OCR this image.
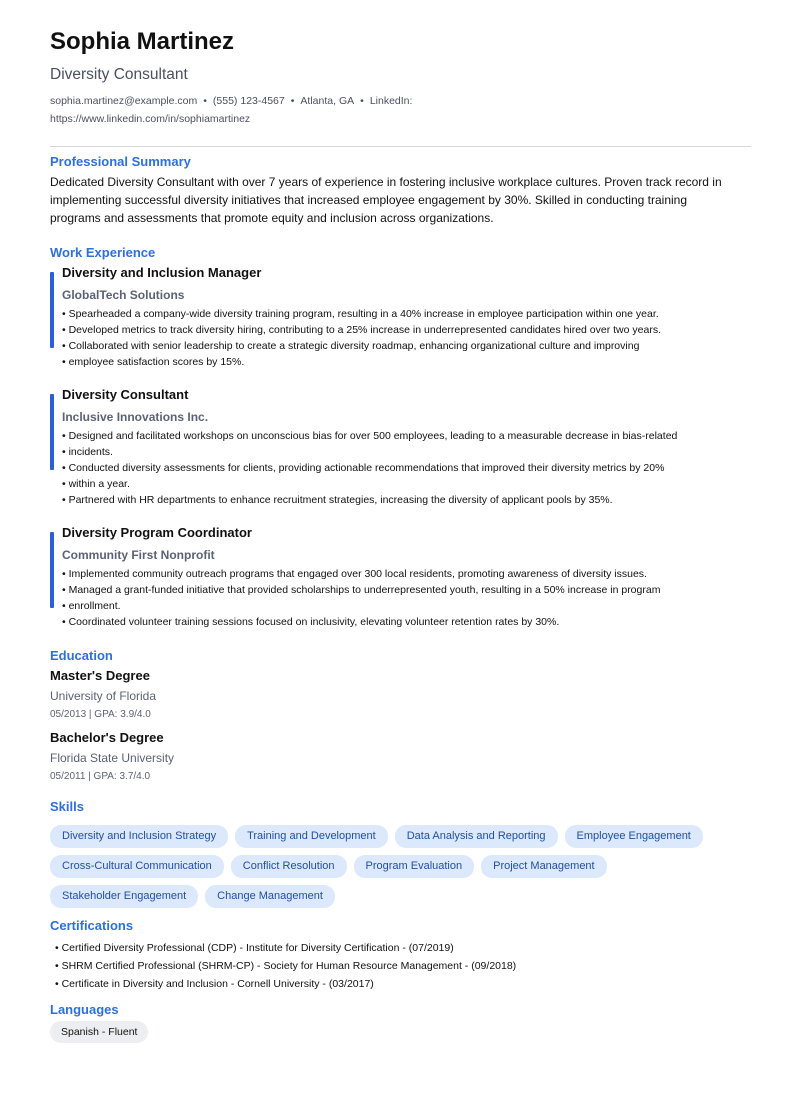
Sophia Martinez
Diversity Consultant
sophia.martinez@example.com • (555) 123-4567 • Atlanta, GA • LinkedIn:
https://www.linkedin.com/in/sophiamartinez
Professional Summary
Dedicated Diversity Consultant with over 7 years of experience in fostering inclusive workplace cultures. Proven track record in implementing successful diversity initiatives that increased employee engagement by 30%. Skilled in conducting training programs and assessments that promote equity and inclusion across organizations.
Work Experience
Diversity and Inclusion Manager
GlobalTech Solutions
• Spearheaded a company-wide diversity training program, resulting in a 40% increase in employee participation within one year.
• Developed metrics to track diversity hiring, contributing to a 25% increase in underrepresented candidates hired over two years.
• Collaborated with senior leadership to create a strategic diversity roadmap, enhancing organizational culture and improving
• employee satisfaction scores by 15%.
Diversity Consultant
Inclusive Innovations Inc.
• Designed and facilitated workshops on unconscious bias for over 500 employees, leading to a measurable decrease in bias-related
• incidents.
• Conducted diversity assessments for clients, providing actionable recommendations that improved their diversity metrics by 20%
• within a year.
• Partnered with HR departments to enhance recruitment strategies, increasing the diversity of applicant pools by 35%.
Diversity Program Coordinator
Community First Nonprofit
• Implemented community outreach programs that engaged over 300 local residents, promoting awareness of diversity issues.
• Managed a grant-funded initiative that provided scholarships to underrepresented youth, resulting in a 50% increase in program
• enrollment.
• Coordinated volunteer training sessions focused on inclusivity, elevating volunteer retention rates by 30%.
Education
Master's Degree
University of Florida
05/2013 | GPA: 3.9/4.0
Bachelor's Degree
Florida State University
05/2011 | GPA: 3.7/4.0
Skills
Diversity and Inclusion Strategy	Training and Development	Data Analysis and Reporting	Employee Engagement
Cross-Cultural Communication	Conflict Resolution	Program Evaluation	Project Management
Stakeholder Engagement	Change Management
Certifications
• Certified Diversity Professional (CDP) - Institute for Diversity Certification - (07/2019)
• SHRM Certified Professional (SHRM-CP) - Society for Human Resource Management - (09/2018)
• Certificate in Diversity and Inclusion - Cornell University - (03/2017)
Languages
Spanish - Fluent
